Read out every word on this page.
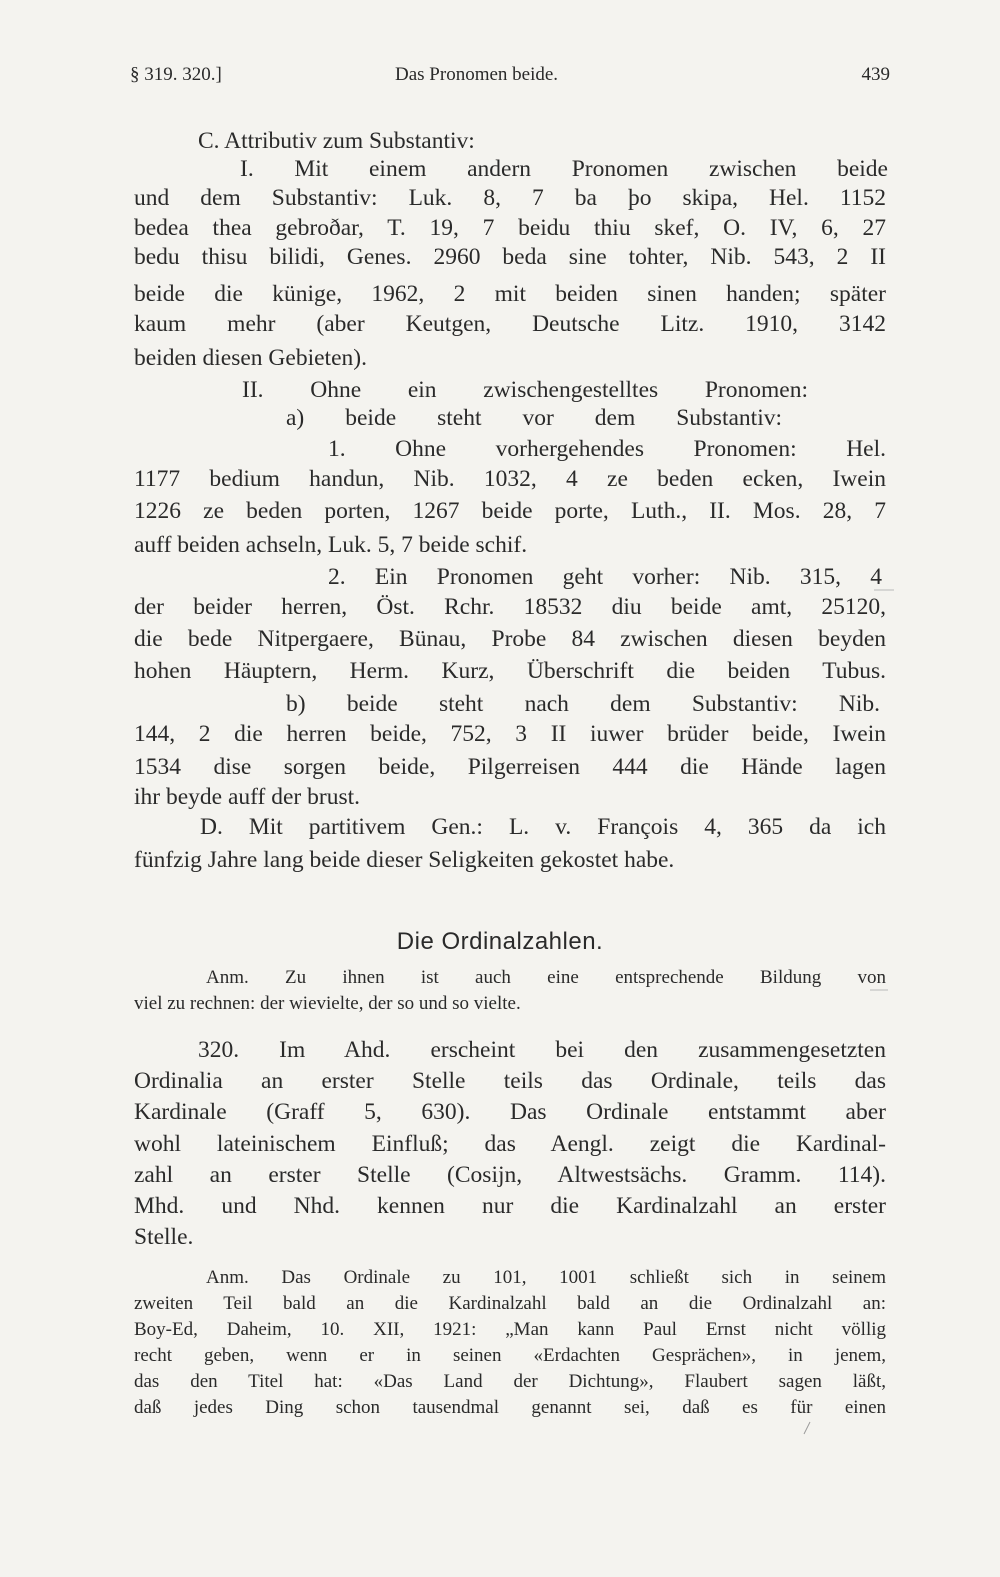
§ 319. 320.]	Das Pronomen beide.	439
C. Attributiv zum Substantiv:
I. Mit einem andern Pronomen zwischen beide
und dem Substantiv: Luk. 8, 7 ba þo skipa, Hel. 1152
bedea thea gebroðar, T. 19, 7 beidu thiu skef, O. IV, 6, 27
bedu thisu bilidi, Genes. 2960 beda sine tohter, Nib. 543, 2 II
beide die künige, 1962, 2 mit beiden sinen handen; später
kaum mehr (aber Keutgen, Deutsche Litz. 1910, 3142
beiden diesen Gebieten).
II. Ohne ein zwischengestelltes Pronomen:
a) beide steht vor dem Substantiv:
1. Ohne vorhergehendes Pronomen: Hel.
1177 bedium handun, Nib. 1032, 4 ze beden ecken, Iwein
1226 ze beden porten, 1267 beide porte, Luth., II. Mos. 28, 7
auff beiden achseln, Luk. 5, 7 beide schif.
2. Ein Pronomen geht vorher: Nib. 315, 4
der beider herren, Öst. Rchr. 18532 diu beide amt, 25120,
die bede Nitpergaere, Bünau, Probe 84 zwischen diesen beyden
hohen Häuptern, Herm. Kurz, Überschrift die beiden Tubus.
b) beide steht nach dem Substantiv: Nib.
144, 2 die herren beide, 752, 3 II iuwer brüder beide, Iwein
1534 dise sorgen beide, Pilgerreisen 444 die Hände lagen
ihr beyde auff der brust.
D. Mit partitivem Gen.: L. v. François 4, 365 da ich
fünfzig Jahre lang beide dieser Seligkeiten gekostet habe.
Die Ordinalzahlen.
Anm. Zu ihnen ist auch eine entsprechende Bildung von
viel zu rechnen: der wievielte, der so und so vielte.
320. Im Ahd. erscheint bei den zusammengesetzten
Ordinalia an erster Stelle teils das Ordinale, teils das
Kardinale (Graff 5, 630). Das Ordinale entstammt aber
wohl lateinischem Einfluß; das Aengl. zeigt die Kardinal-
zahl an erster Stelle (Cosijn, Altwestsächs. Gramm. 114).
Mhd. und Nhd. kennen nur die Kardinalzahl an erster
Stelle.
Anm. Das Ordinale zu 101, 1001 schließt sich in seinem
zweiten Teil bald an die Kardinalzahl bald an die Ordinalzahl an:
Boy-Ed, Daheim, 10. XII, 1921: „Man kann Paul Ernst nicht völlig
recht geben, wenn er in seinen «Erdachten Gesprächen», in jenem,
das den Titel hat: «Das Land der Dichtung», Flaubert sagen läßt,
daß jedes Ding schon tausendmal genannt sei, daß es für einen
